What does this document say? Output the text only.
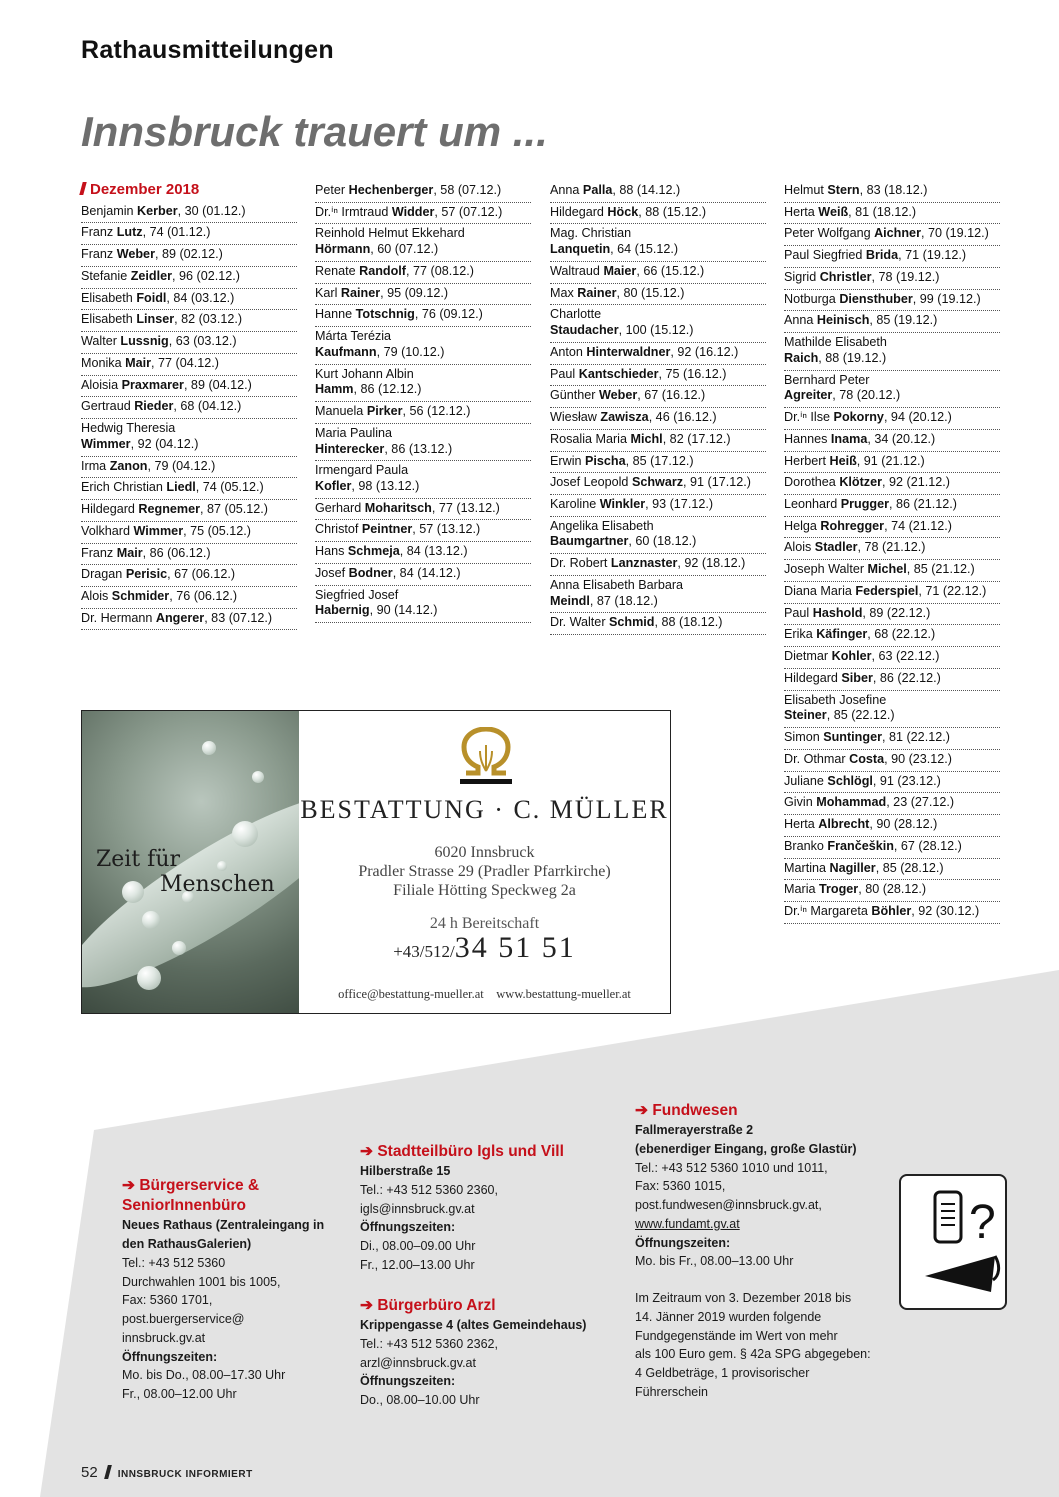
Rathausmitteilungen
Innsbruck trauert um ...
Dezember 2018
Benjamin Kerber, 30 (01.12.)
Franz Lutz, 74 (01.12.)
Franz Weber, 89 (02.12.)
Stefanie Zeidler, 96 (02.12.)
Elisabeth Foidl, 84 (03.12.)
Elisabeth Linser, 82 (03.12.)
Walter Lussnig, 63 (03.12.)
Monika Mair, 77 (04.12.)
Aloisia Praxmarer, 89 (04.12.)
Gertraud Rieder, 68 (04.12.)
Hedwig Theresia
Wimmer, 92 (04.12.)
Irma Zanon, 79 (04.12.)
Erich Christian Liedl, 74 (05.12.)
Hildegard Regnemer, 87 (05.12.)
Volkhard Wimmer, 75 (05.12.)
Franz Mair, 86 (06.12.)
Dragan Perisic, 67 (06.12.)
Alois Schmider, 76 (06.12.)
Dr. Hermann Angerer, 83 (07.12.)
Peter Hechenberger, 58 (07.12.)
Dr.ⁱⁿ Irmtraud Widder, 57 (07.12.)
Reinhold Helmut Ekkehard
Hörmann, 60 (07.12.)
Renate Randolf, 77 (08.12.)
Karl Rainer, 95 (09.12.)
Hanne Totschnig, 76 (09.12.)
Márta Terézia
Kaufmann, 79 (10.12.)
Kurt Johann Albin
Hamm, 86 (12.12.)
Manuela Pirker, 56 (12.12.)
Maria Paulina
Hinterecker, 86 (13.12.)
Irmengard Paula
Kofler, 98 (13.12.)
Gerhard Moharitsch, 77 (13.12.)
Christof Peintner, 57 (13.12.)
Hans Schmeja, 84 (13.12.)
Josef Bodner, 84 (14.12.)
Siegfried Josef
Habernig, 90 (14.12.)
Anna Palla, 88 (14.12.)
Hildegard Höck, 88 (15.12.)
Mag. Christian
Lanquetin, 64 (15.12.)
Waltraud Maier, 66 (15.12.)
Max Rainer, 80 (15.12.)
Charlotte
Staudacher, 100 (15.12.)
Anton Hinterwaldner, 92 (16.12.)
Paul Kantschieder, 75 (16.12.)
Günther Weber, 67 (16.12.)
Wiesław Zawisza, 46 (16.12.)
Rosalia Maria Michl, 82 (17.12.)
Erwin Pischa, 85 (17.12.)
Josef Leopold Schwarz, 91 (17.12.)
Karoline Winkler, 93 (17.12.)
Angelika Elisabeth
Baumgartner, 60 (18.12.)
Dr. Robert Lanznaster, 92 (18.12.)
Anna Elisabeth Barbara
Meindl, 87 (18.12.)
Dr. Walter Schmid, 88 (18.12.)
Helmut Stern, 83 (18.12.)
Herta Weiß, 81 (18.12.)
Peter Wolfgang Aichner, 70 (19.12.)
Paul Siegfried Brida, 71 (19.12.)
Sigrid Christler, 78 (19.12.)
Notburga Diensthuber, 99 (19.12.)
Anna Heinisch, 85 (19.12.)
Mathilde Elisabeth
Raich, 88 (19.12.)
Bernhard Peter
Agreiter, 78 (20.12.)
Dr.ⁱⁿ Ilse Pokorny, 94 (20.12.)
Hannes Inama, 34 (20.12.)
Herbert Heiß, 91 (21.12.)
Dorothea Klötzer, 92 (21.12.)
Leonhard Prugger, 86 (21.12.)
Helga Rohregger, 74 (21.12.)
Alois Stadler, 78 (21.12.)
Joseph Walter Michel, 85 (21.12.)
Diana Maria Federspiel, 71 (22.12.)
Paul Hashold, 89 (22.12.)
Erika Käfinger, 68 (22.12.)
Dietmar Kohler, 63 (22.12.)
Hildegard Siber, 86 (22.12.)
Elisabeth Josefine
Steiner, 85 (22.12.)
Simon Suntinger, 81 (22.12.)
Dr. Othmar Costa, 90 (23.12.)
Juliane Schlögl, 91 (23.12.)
Givin Mohammad, 23 (27.12.)
Herta Albrecht, 90 (28.12.)
Branko Frančeškin, 67 (28.12.)
Martina Nagiller, 85 (28.12.)
Maria Troger, 80 (28.12.)
Dr.ⁱⁿ Margareta Böhler, 92 (30.12.)
Zeit für
Menschen
BESTATTUNG · C. MÜLLER
6020 Innsbruck
Pradler Strasse 29 (Pradler Pfarrkirche)
Filiale Hötting Speckweg 2a
24 h Bereitschaft
+43/512/34 51 51
office@bestattung-mueller.at www.bestattung-mueller.at
➔ Bürgerservice & SeniorInnenbüro
Neues Rathaus (Zentraleingang in den RathausGalerien)
Tel.: +43 512 5360
Durchwahlen 1001 bis 1005,
Fax: 5360 1701,
post.buergerservice@
innsbruck.gv.at
Öffnungszeiten:
Mo. bis Do., 08.00–17.30 Uhr
Fr., 08.00–12.00 Uhr
➔ Stadtteilbüro Igls und Vill
Hilberstraße 15
Tel.: +43 512 5360 2360,
igls@innsbruck.gv.at
Öffnungszeiten:
Di., 08.00–09.00 Uhr
Fr., 12.00–13.00 Uhr
➔ Bürgerbüro Arzl
Krippengasse 4 (altes Gemeindehaus)
Tel.: +43 512 5360 2362,
arzl@innsbruck.gv.at
Öffnungszeiten:
Do., 08.00–10.00 Uhr
➔ Fundwesen
Fallmerayerstraße 2
(ebenerdiger Eingang, große Glastür)
Tel.: +43 512 5360 1010 und 1011,
Fax: 5360 1015,
post.fundwesen@innsbruck.gv.at,
www.fundamt.gv.at
Öffnungszeiten:
Mo. bis Fr., 08.00–13.00 Uhr
Im Zeitraum von 3. Dezember 2018 bis
14. Jänner 2019 wurden folgende
Fundgegenstände im Wert von mehr
als 100 Euro gem. § 42a SPG abgegeben:
4 Geldbeträge, 1 provisorischer
Führerschein
?
52 INNSBRUCK INFORMIERT
